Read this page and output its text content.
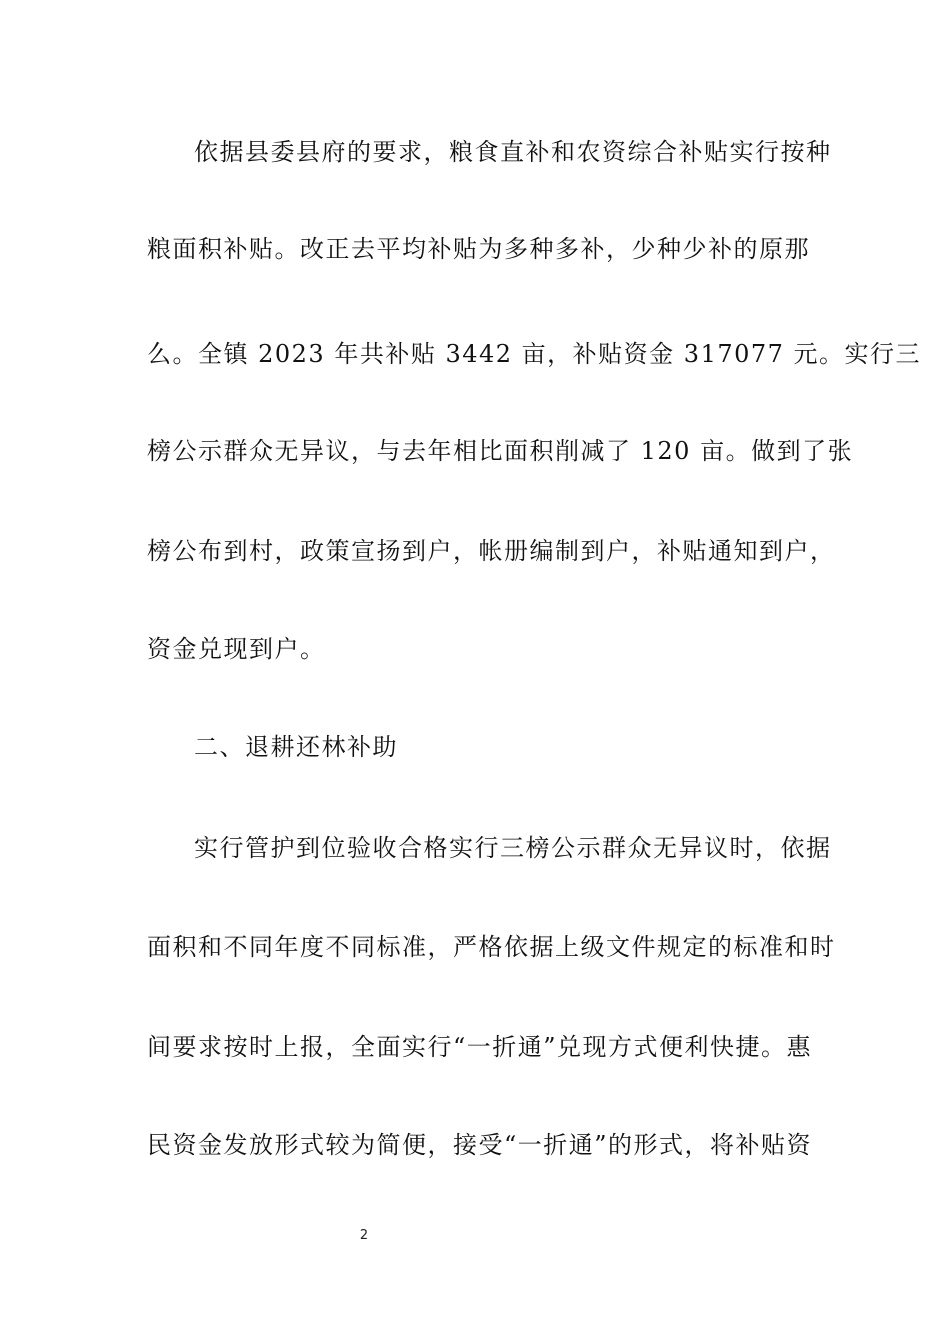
依据县委县府的要求，粮食直补和农资综合补贴实行按种
粮面积补贴。改正去平均补贴为多种多补，少种少补的原那
么。全镇 2023 年共补贴 3442 亩，补贴资金 317077 元。实行三
榜公示群众无异议，与去年相比面积削减了 120 亩。做到了张
榜公布到村，政策宣扬到户，帐册编制到户，补贴通知到户，
资金兑现到户。
二、退耕还林补助
实行管护到位验收合格实行三榜公示群众无异议时，依据
面积和不同年度不同标准，严格依据上级文件规定的标准和时
间要求按时上报，全面实行“一折通”兑现方式便利快捷。惠
民资金发放形式较为简便，接受“一折通”的形式，将补贴资
2
